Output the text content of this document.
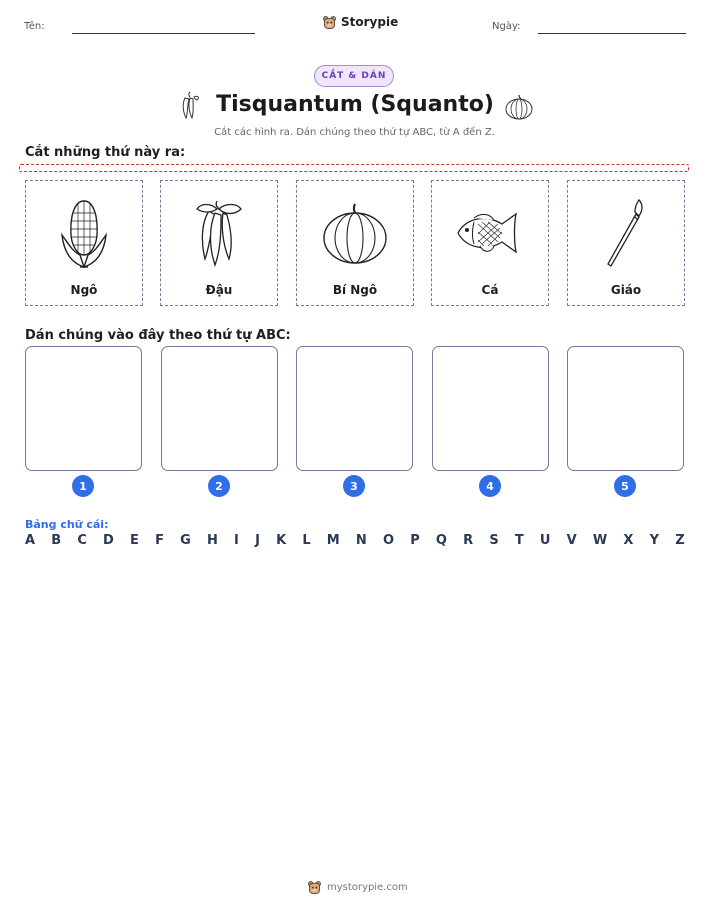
Tên:	Storypie	Ngày:
CẮT & DÁN
Tisquantum (Squanto)
Cắt các hình ra. Dán chúng theo thứ tự ABC, từ A đến Z.
Cắt những thứ này ra:
Ngô	Đậu	Bí Ngô	Cá	Giáo
Dán chúng vào đây theo thứ tự ABC:
1	2	3	4	5
Bảng chữ cái:
A B C D E F G H I J K L M N O P Q R S T U V W X Y Z
mystorypie.com
